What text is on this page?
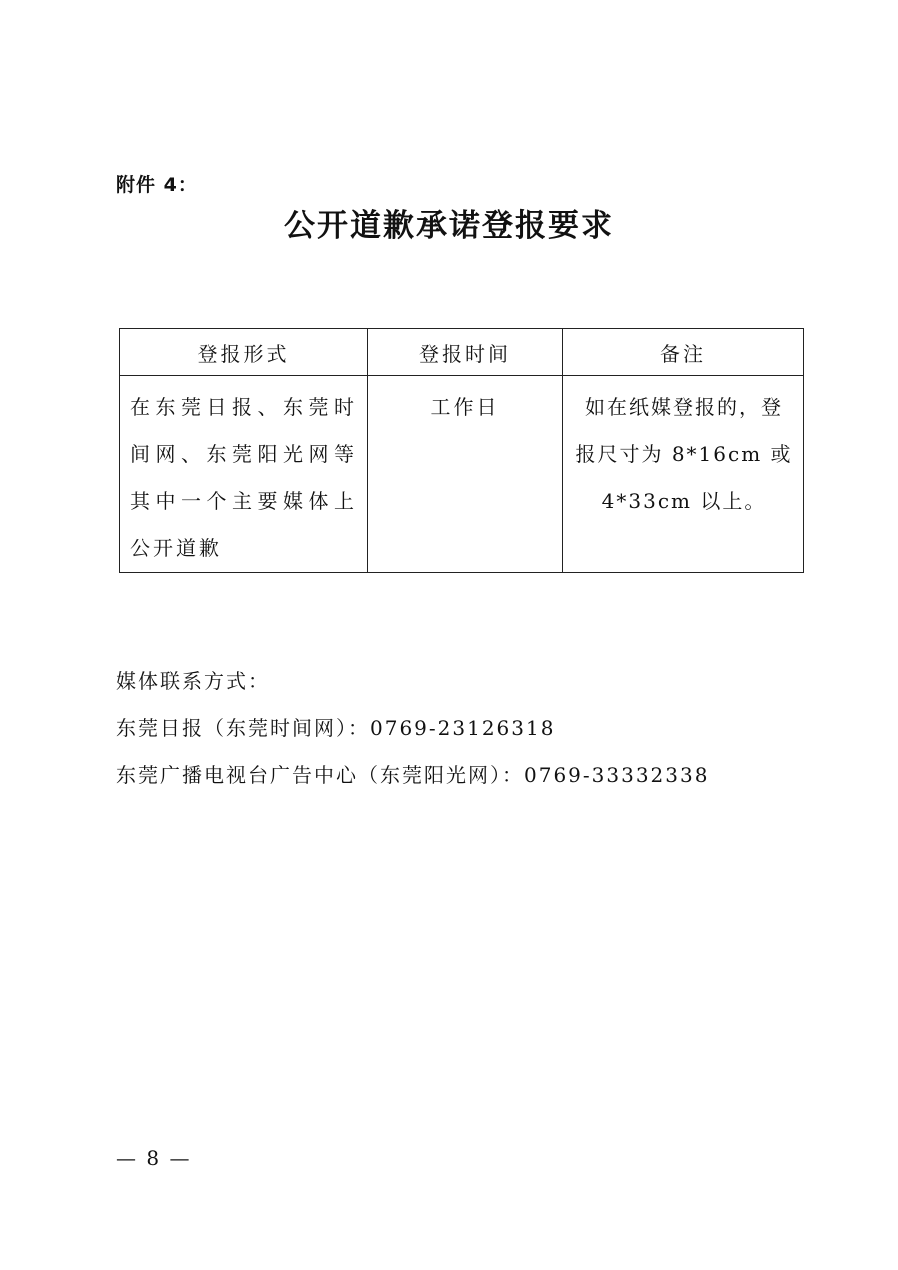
附件 4：
公开道歉承诺登报要求
登报形式	登报时间	备注

在东莞日报、东莞时间网、东莞阳光网等其中一个主要媒体上公开道歉	工作日	如在纸媒登报的，登报尺寸为 8*16cm 或 4*33cm 以上。
媒体联系方式：
东莞日报（东莞时间网）：0769-23126318
东莞广播电视台广告中心（东莞阳光网）：0769-33332338
— 8 —
